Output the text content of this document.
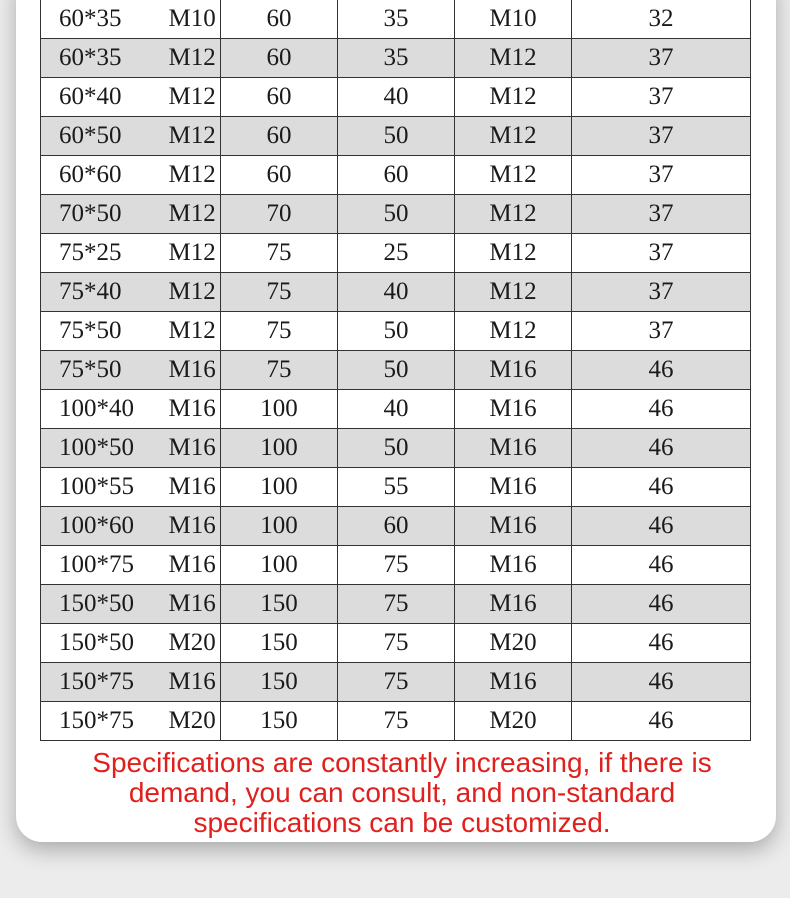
60*35	M10	60	35	M10	32
60*35	M12	60	35	M12	37
60*40	M12	60	40	M12	37
60*50	M12	60	50	M12	37
60*60	M12	60	60	M12	37
70*50	M12	70	50	M12	37
75*25	M12	75	25	M12	37
75*40	M12	75	40	M12	37
75*50	M12	75	50	M12	37
75*50	M16	75	50	M16	46
100*40	M16	100	40	M16	46
100*50	M16	100	50	M16	46
100*55	M16	100	55	M16	46
100*60	M16	100	60	M16	46
100*75	M16	100	75	M16	46
150*50	M16	150	75	M16	46
150*50	M20	150	75	M20	46
150*75	M16	150	75	M16	46
150*75	M20	150	75	M20	46
Specifications are constantly increasing, if there is
demand, you can consult, and non-standard
specifications can be customized.
